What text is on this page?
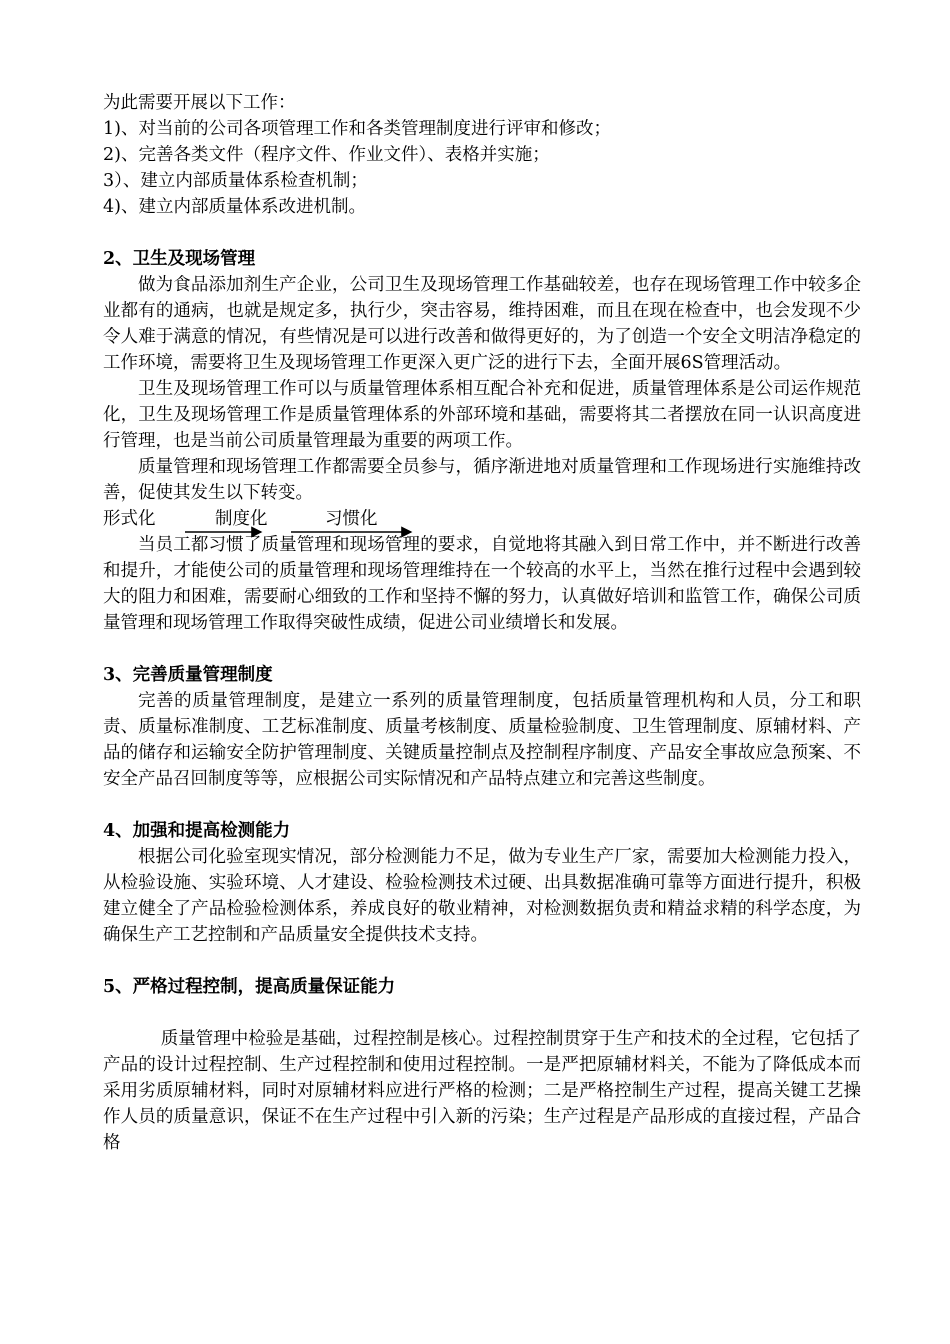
为此需要开展以下工作：
1)、对当前的公司各项管理工作和各类管理制度进行评审和修改；
2)、完善各类文件（程序文件、作业文件）、表格并实施；
3）、建立内部质量体系检查机制；
4)、建立内部质量体系改进机制。
2、卫生及现场管理

做为食品添加剂生产企业，公司卫生及现场管理工作基础较差，也存在现场管理工作中较多企业都有的通病，也就是规定多，执行少，突击容易，维持困难，而且在现在检查中，也会发现不少令人难于满意的情况，有些情况是可以进行改善和做得更好的，为了创造一个安全文明洁净稳定的工作环境，需要将卫生及现场管理工作更深入更广泛的进行下去，全面开展6S管理活动。

卫生及现场管理工作可以与质量管理体系相互配合补充和促进，质量管理体系是公司运作规范化，卫生及现场管理工作是质量管理体系的外部环境和基础，需要将其二者摆放在同一认识高度进行管理，也是当前公司质量管理最为重要的两项工作。

质量管理和现场管理工作都需要全员参与，循序渐进地对质量管理和工作现场进行实施维持改善，促使其发生以下转变。

形式化	制度化	习惯化

当员工都习惯了质量管理和现场管理的要求，自觉地将其融入到日常工作中，并不断进行改善和提升，才能使公司的质量管理和现场管理维持在一个较高的水平上，当然在推行过程中会遇到较大的阻力和困难，需要耐心细致的工作和坚持不懈的努力，认真做好培训和监管工作，确保公司质量管理和现场管理工作取得突破性成绩，促进公司业绩增长和发展。

3、完善质量管理制度

完善的质量管理制度，是建立一系列的质量管理制度，包括质量管理机构和人员，分工和职责、质量标准制度、工艺标准制度、质量考核制度、质量检验制度、卫生管理制度、原辅材料、产品的储存和运输安全防护管理制度、关键质量控制点及控制程序制度、产品安全事故应急预案、不安全产品召回制度等等，应根据公司实际情况和产品特点建立和完善这些制度。

4、加强和提高检测能力

根据公司化验室现实情况，部分检测能力不足，做为专业生产厂家，需要加大检测能力投入，从检验设施、实验环境、人才建设、检验检测技术过硬、出具数据准确可靠等方面进行提升，积极建立健全了产品检验检测体系，养成良好的敬业精神，对检测数据负责和精益求精的科学态度，为确保生产工艺控制和产品质量安全提供技术支持。

5、严格过程控制，提高质量保证能力

质量管理中检验是基础，过程控制是核心。过程控制贯穿于生产和技术的全过程，它包括了产品的设计过程控制、生产过程控制和使用过程控制。一是严把原辅材料关，不能为了降低成本而采用劣质原辅材料，同时对原辅材料应进行严格的检测；二是严格控制生产过程，提高关键工艺操作人员的质量意识，保证不在生产过程中引入新的污染；生产过程是产品形成的直接过程，产品合格
